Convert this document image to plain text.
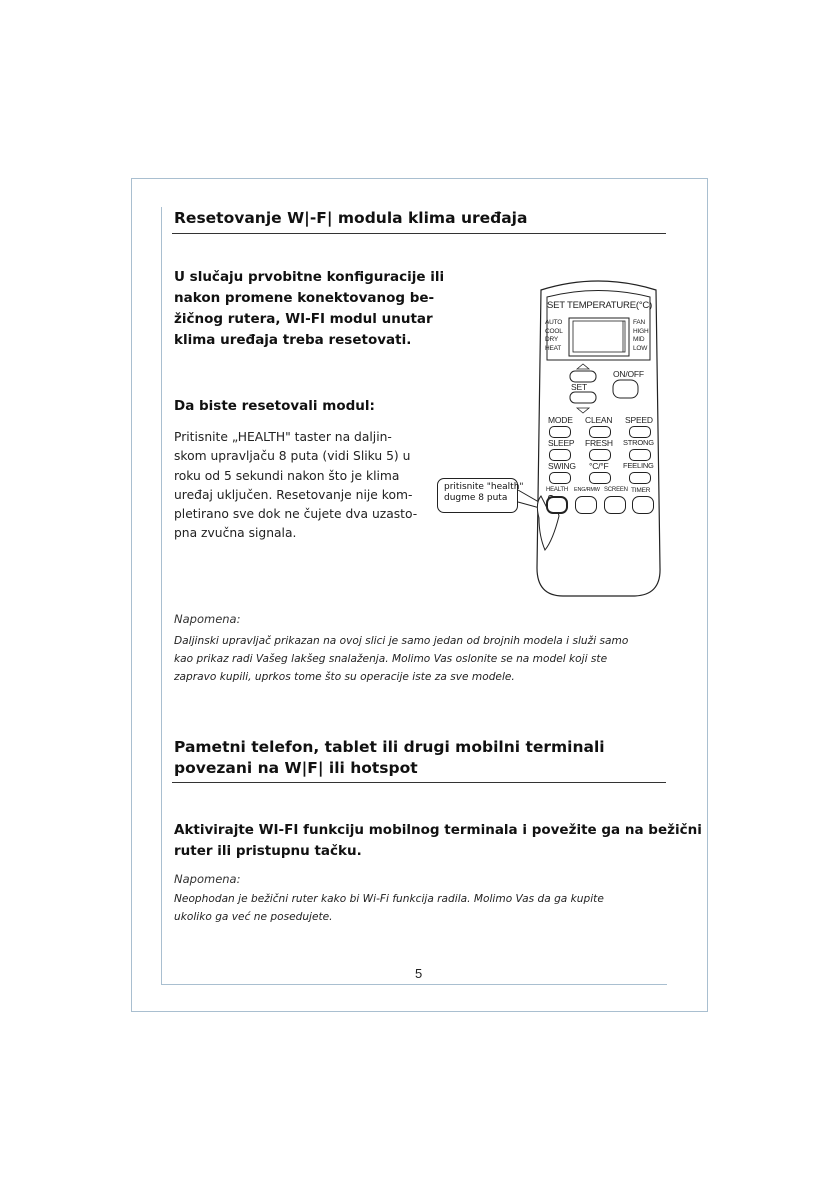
Resetovanje W|-F| modula klima uređaja
U slučaju prvobitne konfiguracije ili
nakon promene konektovanog be-
žičnog rutera, WI-FI modul unutar
klima uređaja treba resetovati.
Da biste resetovali modul:
Pritisnite „HEALTH" taster na daljin-
skom upravljaču 8 puta (vidi Sliku 5) u
roku od 5 sekundi nakon što je klima
uređaj uključen. Resetovanje nije kom-
pletirano sve dok ne čujete dva uzasto-
pna zvučna signala.
pritisnite "health"
dugme 8 puta
SET TEMPERATURE(°C)
AUTO
COOL
DRY
HEAT
FAN
HIGH
MID
LOW
SET
ON/OFF
MODE CLEAN SPEED
SLEEP FRESH STRONG
SWING °C/°F FEELING
HEALTH ENG/RMW SCREEN TIMER
Napomena:
Daljinski upravljač prikazan na ovoj slici je samo jedan od brojnih modela i služi samo
kao prikaz radi Vašeg lakšeg snalaženja. Molimo Vas oslonite se na model koji ste
zapravo kupili, uprkos tome što su operacije iste za sve modele.
Pametni telefon, tablet ili drugi mobilni terminali
povezani na W|F| ili hotspot
Aktivirajte WI-FI funkciju mobilnog terminala i povežite ga na bežični
ruter ili pristupnu tačku.
Napomena:
Neophodan je bežični ruter kako bi Wi-Fi funkcija radila. Molimo Vas da ga kupite
ukoliko ga već ne posedujete.
5
